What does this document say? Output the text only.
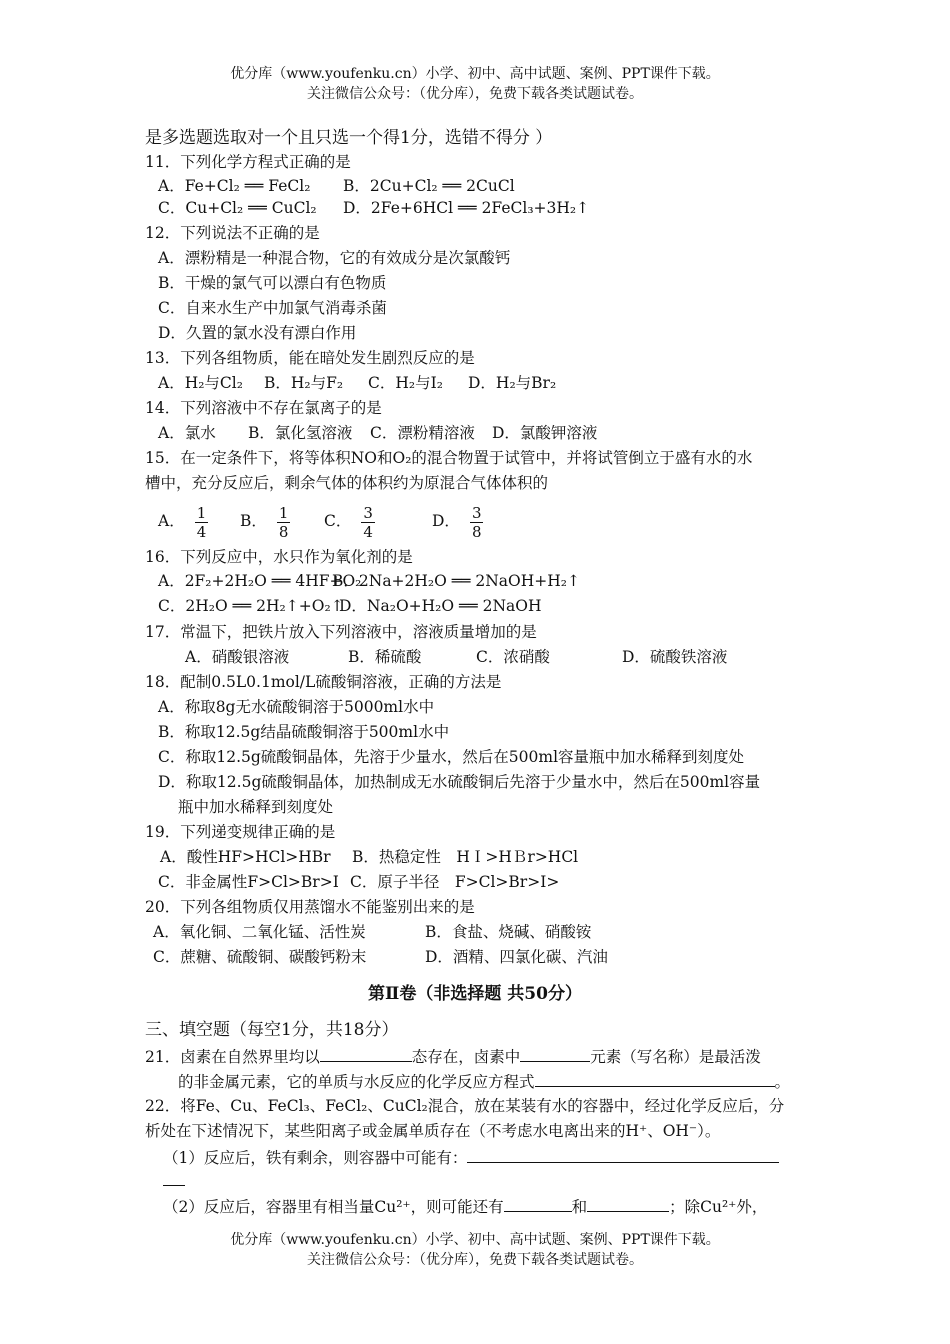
优分库（www.youfenku.cn）小学、初中、高中试题、案例、PPT课件下载。
关注微信公众号：（优分库），免费下载各类试题试卷。
是多选题选取对一个且只选一个得1分，选错不得分 ）
11．下列化学方程式正确的是
A．Fe+Cl₂ ══ FeCl₂ B．2Cu+Cl₂ ══ 2CuCl
C．Cu+Cl₂ ══ CuCl₂ D．2Fe+6HCl ══ 2FeCl₃+3H₂↑
12．下列说法不正确的是
A．漂粉精是一种混合物，它的有效成分是次氯酸钙
B．干燥的氯气可以漂白有色物质
C．自来水生产中加氯气消毒杀菌
D．久置的氯水没有漂白作用
13．下列各组物质，能在暗处发生剧烈反应的是
A．H₂与Cl₂ B．H₂与F₂ C．H₂与I₂ D．H₂与Br₂
14．下列溶液中不存在氯离子的是
A．氯水 B．氯化氢溶液 C．漂粉精溶液 D．氯酸钾溶液
15．在一定条件下，将等体积NO和O₂的混合物置于试管中，并将试管倒立于盛有水的水
槽中，充分反应后，剩余气体的体积约为原混合气体体积的
A． $\frac{1}{4}$ B． $\frac{1}{8}$ C． $\frac{3}{4}$	D． $\frac{3}{8}$
16．下列反应中，水只作为氧化剂的是
A．2F₂+2H₂O ══ 4HF+O₂B．2Na+2H₂O ══ 2NaOH+H₂↑
C．2H₂O ══ 2H₂↑+O₂↑D．Na₂O+H₂O ══ 2NaOH
17．常温下，把铁片放入下列溶液中，溶液质量增加的是
A．硝酸银溶液	B．稀硫酸	C．浓硝酸	D．硫酸铁溶液
18．配制0.5L0.1mol/L硫酸铜溶液，正确的方法是
A．称取8g无水硫酸铜溶于5000ml水中
B．称取12.5g结晶硫酸铜溶于500ml水中
C．称取12.5g硫酸铜晶体，先溶于少量水，然后在500ml容量瓶中加水稀释到刻度处
D．称取12.5g硫酸铜晶体，加热制成无水硫酸铜后先溶于少量水中，然后在500ml容量
瓶中加水稀释到刻度处
19．下列递变规律正确的是
A．酸性HF>HCl>HBr B．热稳定性　HＩ>HＢr>HCl
C．非金属性F>Cl>Br>I C．原子半径　F>Cl>Br>I>
20．下列各组物质仅用蒸馏水不能鉴别出来的是
A．氧化铜、二氧化锰、活性炭	B．食盐、烧碱、硝酸铵
C．蔗糖、硫酸铜、碳酸钙粉末	D．酒精、四氯化碳、汽油
第Ⅱ卷（非选择题 共50分）
三、填空题（每空1分，共18分）
21．卤素在自然界里均以	态存在，卤素中	元素（写名称）是最活泼
的非金属元素，它的单质与水反应的化学反应方程式	。
22．将Fe、Cu、FeCl₃、FeCl₂、CuCl₂混合，放在某装有水的容器中，经过化学反应后，分
析处在下述情况下，某些阳离子或金属单质存在（不考虑水电离出来的H⁺、OH⁻）。
（1）反应后，铁有剩余，则容器中可能有：
（2）反应后，容器里有相当量Cu²⁺，则可能还有	和	；除Cu²⁺外，
优分库（www.youfenku.cn）小学、初中、高中试题、案例、PPT课件下载。
关注微信公众号：（优分库），免费下载各类试题试卷。
